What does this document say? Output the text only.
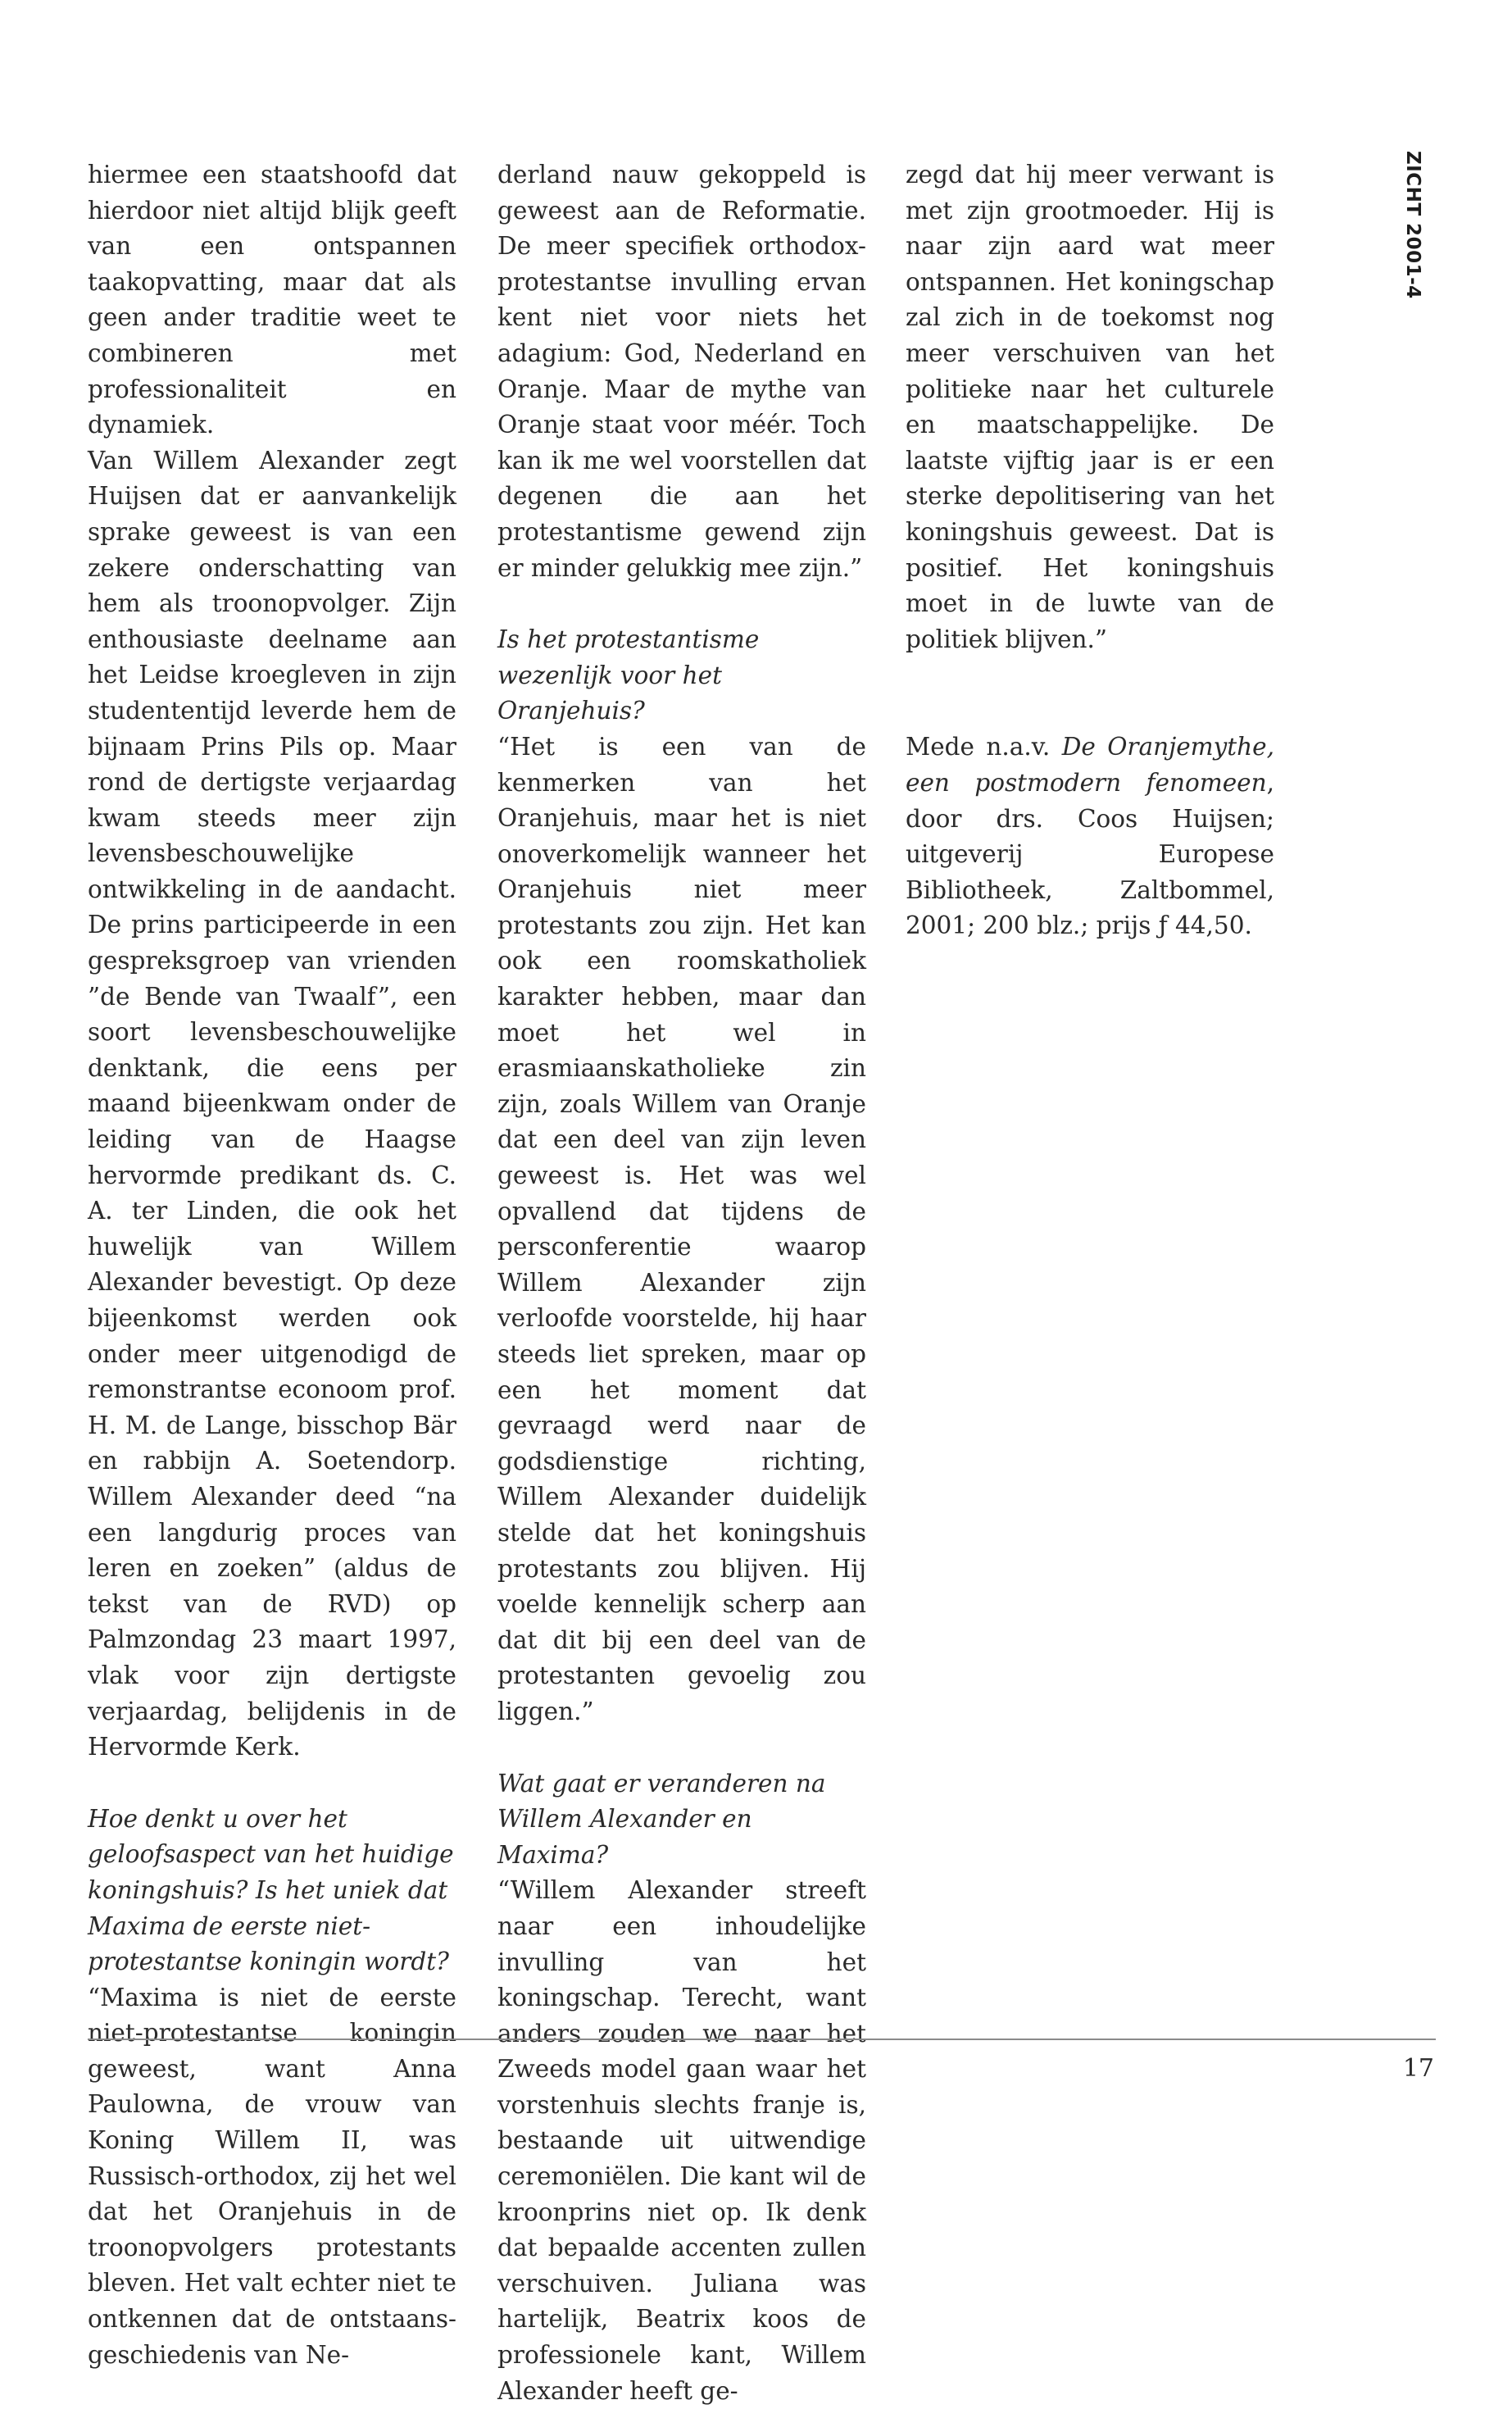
ZICHT 2001-4

hiermee een staatshoofd dat hierdoor niet altijd blijk geeft van een ontspannen taakopvatting, maar dat als geen ander traditie weet te combineren met professionaliteit en dynamiek.

Van Willem Alexander zegt Huijsen dat er aanvankelijk sprake geweest is van een zekere onderschatting van hem als troonopvolger. Zijn enthousiaste deelname aan het Leidse kroegleven in zijn studententijd leverde hem de bijnaam Prins Pils op. Maar rond de dertigste verjaardag kwam steeds meer zijn levensbeschouwelijke ontwikkeling in de aandacht. De prins participeerde in een gespreksgroep van vrienden ”de Bende van Twaalf”, een soort levensbeschouwelijke denktank, die eens per maand bijeenkwam onder de leiding van de Haagse hervormde predikant ds. C. A. ter Linden, die ook het huwelijk van Willem Alexander bevestigt. Op deze bijeenkomst werden ook onder meer uitgenodigd de remonstrantse econoom prof. H. M. de Lange, bisschop Bär en rabbijn A. Soetendorp. Willem Alexander deed “na een langdurig proces van leren en zoeken” (aldus de tekst van de RVD) op Palmzondag 23 maart 1997, vlak voor zijn dertigste verjaardag, belijdenis in de Hervormde Kerk.

Hoe denkt u over het geloofsaspect van het huidige koningshuis? Is het uniek dat Maxima de eerste niet-protestantse koningin wordt?

“Maxima is niet de eerste niet-protestantse koningin geweest, want Anna Paulowna, de vrouw van Koning Willem II, was Russisch-orthodox, zij het wel dat het Oranjehuis in de troonopvolgers protestants bleven. Het valt echter niet te ontkennen dat de ontstaans-geschiedenis van Ne-

derland nauw gekoppeld is geweest aan de Reformatie. De meer specifiek orthodox-protestantse invulling ervan kent niet voor niets het adagium: God, Nederland en Oranje. Maar de mythe van Oranje staat voor méér. Toch kan ik me wel voorstellen dat degenen die aan het protestantisme gewend zijn er minder gelukkig mee zijn.”

Is het protestantisme wezenlijk voor het Oranjehuis?

“Het is een van de kenmerken van het Oranjehuis, maar het is niet onoverkomelijk wanneer het Oranjehuis niet meer protestants zou zijn. Het kan ook een roomskatholiek karakter hebben, maar dan moet het wel in erasmiaanskatholieke zin zijn, zoals Willem van Oranje dat een deel van zijn leven geweest is. Het was wel opvallend dat tijdens de persconferentie waarop Willem Alexander zijn verloofde voorstelde, hij haar steeds liet spreken, maar op een het moment dat gevraagd werd naar de godsdienstige richting, Willem Alexander duidelijk stelde dat het koningshuis protestants zou blijven. Hij voelde kennelijk scherp aan dat dit bij een deel van de protestanten gevoelig zou liggen.”

Wat gaat er veranderen na Willem Alexander en Maxima?

“Willem Alexander streeft naar een inhoudelijke invulling van het koningschap. Terecht, want anders zouden we naar het Zweeds model gaan waar het vorstenhuis slechts franje is, bestaande uit uitwendige ceremoniëlen. Die kant wil de kroonprins niet op. Ik denk dat bepaalde accenten zullen verschuiven. Juliana was hartelijk, Beatrix koos de professionele kant, Willem Alexander heeft ge-

zegd dat hij meer verwant is met zijn grootmoeder. Hij is naar zijn aard wat meer ontspannen. Het koningschap zal zich in de toekomst nog meer verschuiven van het politieke naar het culturele en maatschappelijke. De laatste vijftig jaar is er een sterke depolitisering van het koningshuis geweest. Dat is positief. Het koningshuis moet in de luwte van de politiek blijven.”

Mede n.a.v. De Oranjemythe, een postmodern fenomeen, door drs. Coos Huijsen; uitgeverij Europese Bibliotheek, Zaltbommel, 2001; 200 blz.; prijs ƒ 44,50.

17
